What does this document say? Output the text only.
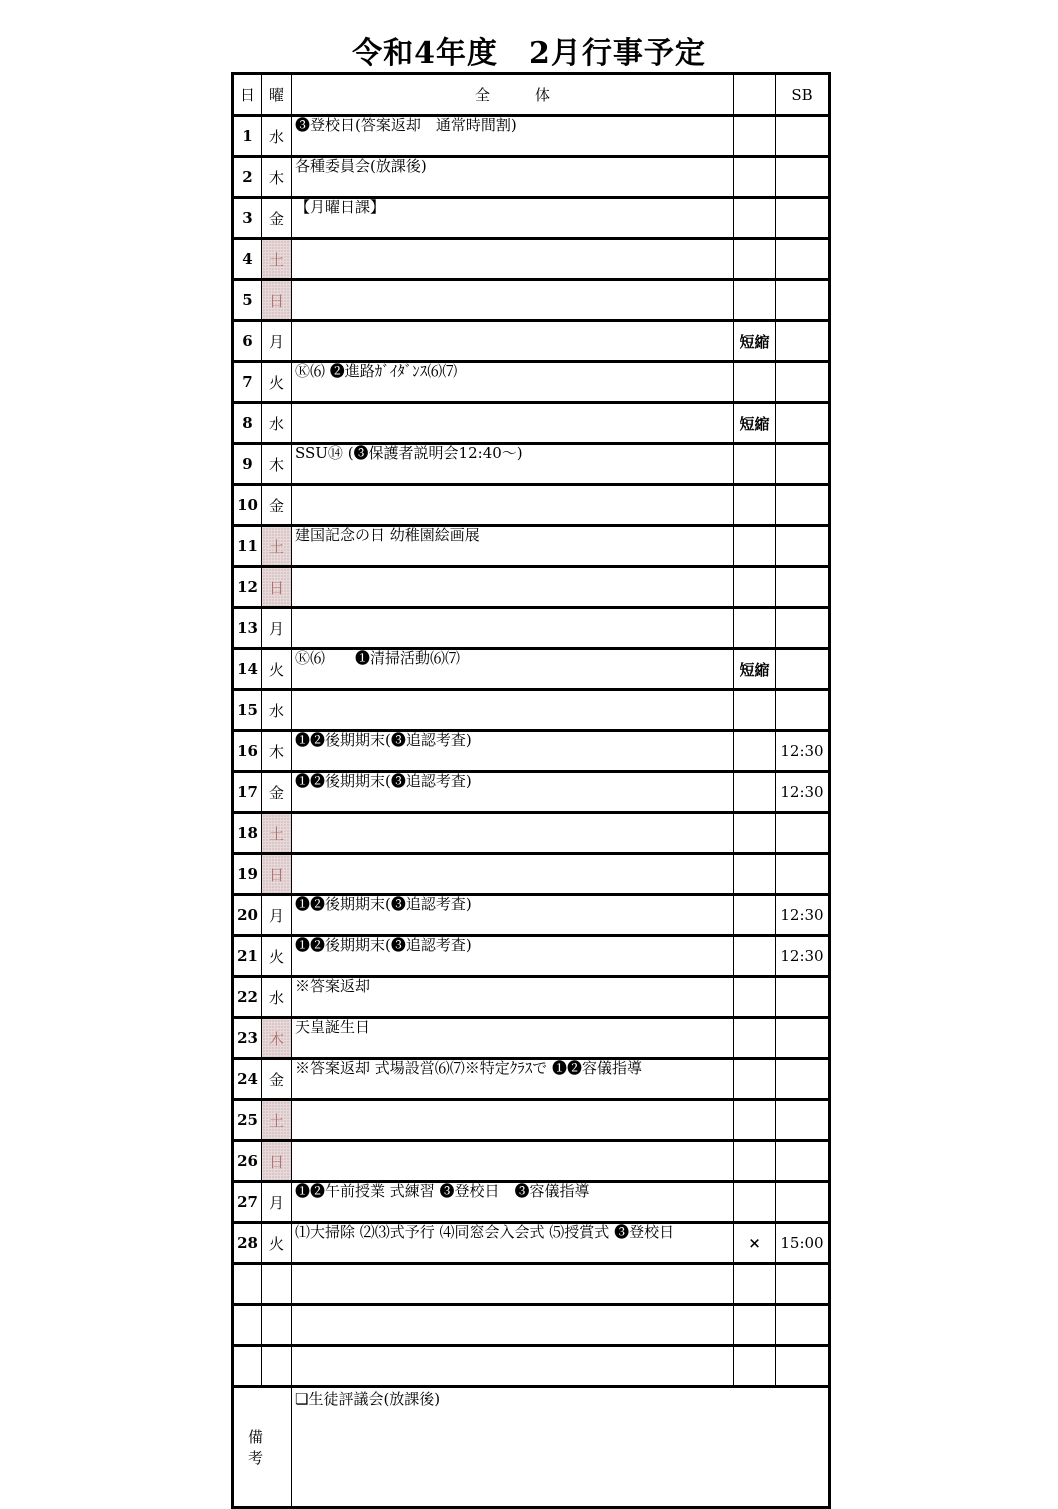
令和4年度　2月行事予定
日	曜	全　　　体		SB
1	水	❸登校日(答案返却　通常時間割)		

2	木	各種委員会(放課後)		

3	金	【月曜日課】		

4	土	

5	日	

6	月		短縮	
7	火	Ⓚ⑹ ❷進路ｶﾞｲﾀﾞﾝｽ⑹⑺		

8	水		短縮	
9	木	SSU⑭ (❸保護者説明会12:40～)		

10	金	

11	土	建国記念の日 幼稚園絵画展		

12	日	

13	月	

14	火	Ⓚ⑹　　❶清掃活動⑹⑺	短縮	
15	水	

16	木	❶❷後期期末(❸追認考査)		12:30
17	金	❶❷後期期末(❸追認考査)		12:30
18	土	

19	日	

20	月	❶❷後期期末(❸追認考査)		12:30
21	火	❶❷後期期末(❸追認考査)		12:30
22	水	※答案返却		

23	木	天皇誕生日		

24	金	※答案返却 式場設営⑹⑺※特定ｸﾗｽで ❶❷容儀指導		

25	土	

26	日	

27	月	❶❷午前授業 式練習 ❸登校日　❸容儀指導		

28	火	⑴大掃除 ⑵⑶式予行 ⑷同窓会入会式 ⑸授賞式 ❸登校日	×	15:00

備考		❏生徒評議会(放課後)		
